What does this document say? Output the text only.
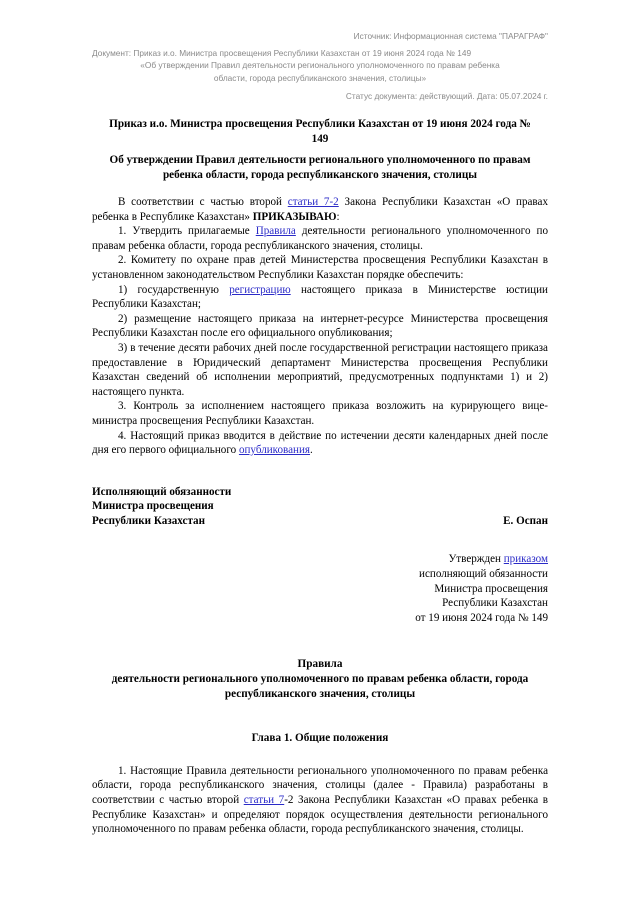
Источник: Информационная система "ПАРАГРАФ"
Документ: Приказ и.о. Министра просвещения Республики Казахстан от 19 июня 2024 года № 149
«Об утверждении Правил деятельности регионального уполномоченного по правам ребенка
области, города республиканского значения, столицы»
Статус документа: действующий. Дата: 05.07.2024 г.
Приказ и.о. Министра просвещения Республики Казахстан от 19 июня 2024 года №
149
Об утверждении Правил деятельности регионального уполномоченного по правам
ребенка области, города республиканского значения, столицы

В соответствии с частью второй статьи 7-2 Закона Республики Казахстан «О правах ребенка в Республике Казахстан» ПРИКАЗЫВАЮ:

1. Утвердить прилагаемые Правила деятельности регионального уполномоченного по правам ребенка области, города республиканского значения, столицы.

2. Комитету по охране прав детей Министерства просвещения Республики Казахстан в установленном законодательством Республики Казахстан порядке обеспечить:

1) государственную регистрацию настоящего приказа в Министерстве юстиции Республики Казахстан;

2) размещение настоящего приказа на интернет-ресурсе Министерства просвещения Республики Казахстан после его официального опубликования;

3) в течение десяти рабочих дней после государственной регистрации настоящего приказа предоставление в Юридический департамент Министерства просвещения Республики Казахстан сведений об исполнении мероприятий, предусмотренных подпунктами 1) и 2) настоящего пункта.

3. Контроль за исполнением настоящего приказа возложить на курирующего вице-министра просвещения Республики Казахстан.

4. Настоящий приказ вводится в действие по истечении десяти календарных дней после дня его первого официального опубликования.

Исполняющий обязанности
Министра просвещения
Республики Казахстан	Е. Оспан
Утвержден приказом
исполняющий обязанности
Министра просвещения
Республики Казахстан
от 19 июня 2024 года № 149
Правила
деятельности регионального уполномоченного по правам ребенка области, города
республиканского значения, столицы
Глава 1. Общие положения

1. Настоящие Правила деятельности регионального уполномоченного по правам ребенка области, города республиканского значения, столицы (далее - Правила) разработаны в соответствии с частью второй статьи 7-2 Закона Республики Казахстан «О правах ребенка в Республике Казахстан» и определяют порядок осуществления деятельности регионального уполномоченного по правам ребенка области, города республиканского значения, столицы.
